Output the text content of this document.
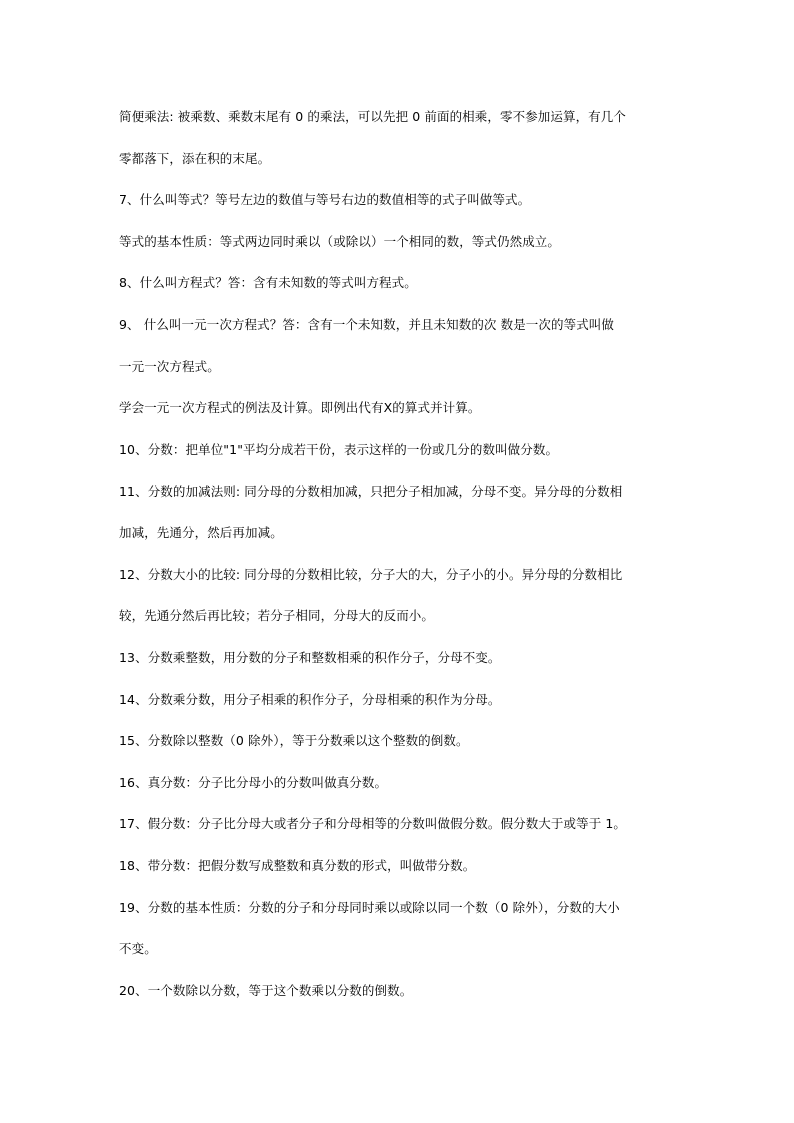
简便乘法: 被乘数、乘数末尾有 0 的乘法，可以先把 0 前面的相乘，零不参加运算，有几个
零都落下，添在积的末尾。
7、什么叫等式？等号左边的数值与等号右边的数值相等的式子叫做等式。
等式的基本性质：等式两边同时乘以（或除以）一个相同的数，等式仍然成立。
8、什么叫方程式？答：含有未知数的等式叫方程式。
9、 什么叫一元一次方程式？答：含有一个未知数，并且未知数的次 数是一次的等式叫做
一元一次方程式。
学会一元一次方程式的例法及计算。即例出代有Ⅹ的算式并计算。
10、分数：把单位"1"平均分成若干份，表示这样的一份或几分的数叫做分数。
11、分数的加减法则: 同分母的分数相加减，只把分子相加减，分母不变。异分母的分数相
加减，先通分，然后再加减。
12、分数大小的比较: 同分母的分数相比较，分子大的大，分子小的小。异分母的分数相比
较，先通分然后再比较；若分子相同，分母大的反而小。
13、分数乘整数，用分数的分子和整数相乘的积作分子，分母不变。
14、分数乘分数，用分子相乘的积作分子，分母相乘的积作为分母。
15、分数除以整数（0 除外），等于分数乘以这个整数的倒数。
16、真分数：分子比分母小的分数叫做真分数。
17、假分数：分子比分母大或者分子和分母相等的分数叫做假分数。假分数大于或等于 1。
18、带分数：把假分数写成整数和真分数的形式，叫做带分数。
19、分数的基本性质：分数的分子和分母同时乘以或除以同一个数（0 除外），分数的大小
不变。
20、一个数除以分数，等于这个数乘以分数的倒数。
